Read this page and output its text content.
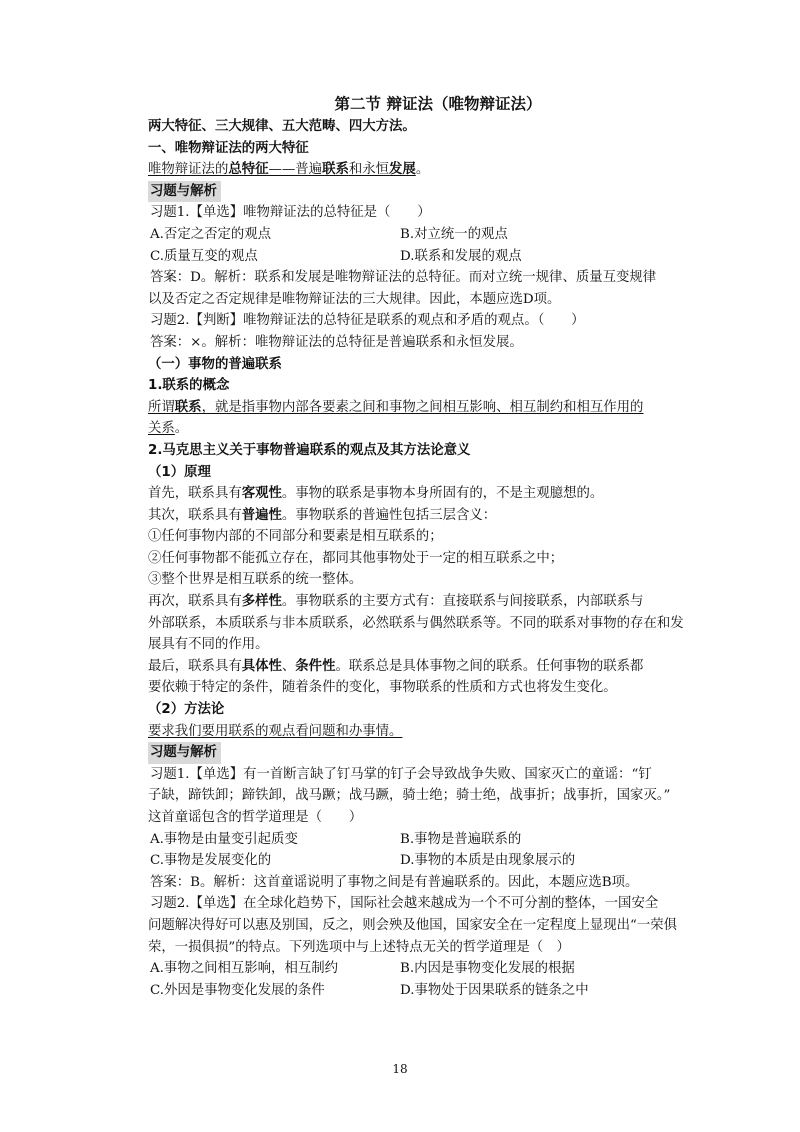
第二节 辩证法（唯物辩证法）
两大特征、三大规律、五大范畴、四大方法。
一、唯物辩证法的两大特征
唯物辩证法的总特征——普遍联系和永恒发展。
习题与解析
习题1.【单选】唯物辩证法的总特征是（　　）
A.否定之否定的观点	B.对立统一的观点
C.质量互变的观点	D.联系和发展的观点
答案：D。解析：联系和发展是唯物辩证法的总特征。而对立统一规律、质量互变规律
以及否定之否定规律是唯物辩证法的三大规律。因此，本题应选D项。
习题2.【判断】唯物辩证法的总特征是联系的观点和矛盾的观点。（　　）
答案：×。解析：唯物辩证法的总特征是普遍联系和永恒发展。
（一）事物的普遍联系
1.联系的概念
所谓联系，就是指事物内部各要素之间和事物之间相互影响、相互制约和相互作用的
关系。
2.马克思主义关于事物普遍联系的观点及其方法论意义
（1）原理
首先，联系具有客观性。事物的联系是事物本身所固有的，不是主观臆想的。
其次，联系具有普遍性。事物联系的普遍性包括三层含义：
①任何事物内部的不同部分和要素是相互联系的；
②任何事物都不能孤立存在，都同其他事物处于一定的相互联系之中；
③整个世界是相互联系的统一整体。
再次，联系具有多样性。事物联系的主要方式有：直接联系与间接联系，内部联系与
外部联系，本质联系与非本质联系，必然联系与偶然联系等。不同的联系对事物的存在和发
展具有不同的作用。
最后，联系具有具体性、条件性。联系总是具体事物之间的联系。任何事物的联系都
要依赖于特定的条件，随着条件的变化，事物联系的性质和方式也将发生变化。
（2）方法论
要求我们要用联系的观点看问题和办事情。
习题与解析
习题1.【单选】有一首断言缺了钉马掌的钉子会导致战争失败、国家灭亡的童谣：“钉
子缺，蹄铁卸；蹄铁卸，战马蹶；战马蹶，骑士绝；骑士绝，战事折；战事折，国家灭。”
这首童谣包含的哲学道理是（　　）
A.事物是由量变引起质变	B.事物是普遍联系的
C.事物是发展变化的	D.事物的本质是由现象展示的
答案：B。解析：这首童谣说明了事物之间是有普遍联系的。因此，本题应选B项。
习题2.【单选】在全球化趋势下，国际社会越来越成为一个不可分割的整体，一国安全
问题解决得好可以惠及别国，反之，则会殃及他国，国家安全在一定程度上显现出“一荣俱
荣，一损俱损”的特点。下列选项中与上述特点无关的哲学道理是（　）
A.事物之间相互影响，相互制约	B.内因是事物变化发展的根据
C.外因是事物变化发展的条件	D.事物处于因果联系的链条之中
18
